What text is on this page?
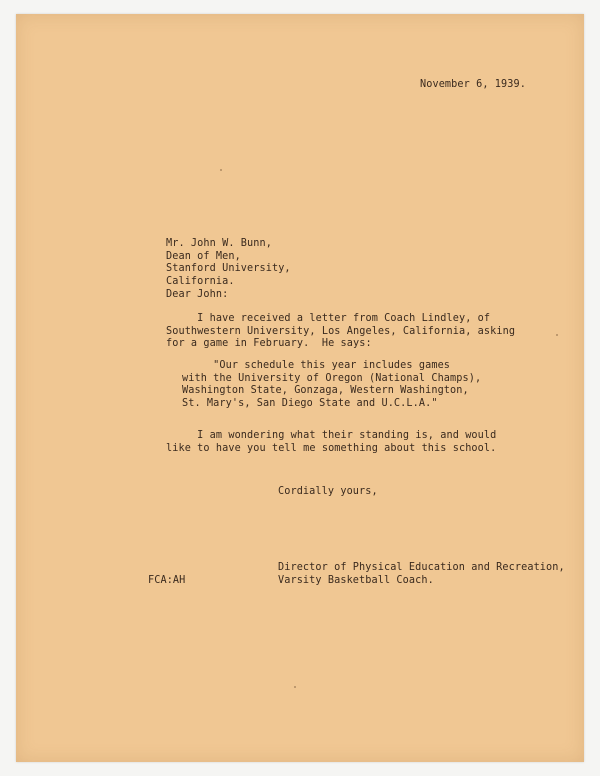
November 6, 1939.
Mr. John W. Bunn,
Dean of Men,
Stanford University,
California.
Dear John:
I have received a letter from Coach Lindley, of
Southwestern University, Los Angeles, California, asking
for a game in February.  He says:
"Our schedule this year includes games
with the University of Oregon (National Champs),
Washington State, Gonzaga, Western Washington,
St. Mary's, San Diego State and U.C.L.A."
I am wondering what their standing is, and would
like to have you tell me something about this school.
Cordially yours,
Director of Physical Education and Recreation,
Varsity Basketball Coach.
FCA:AH
